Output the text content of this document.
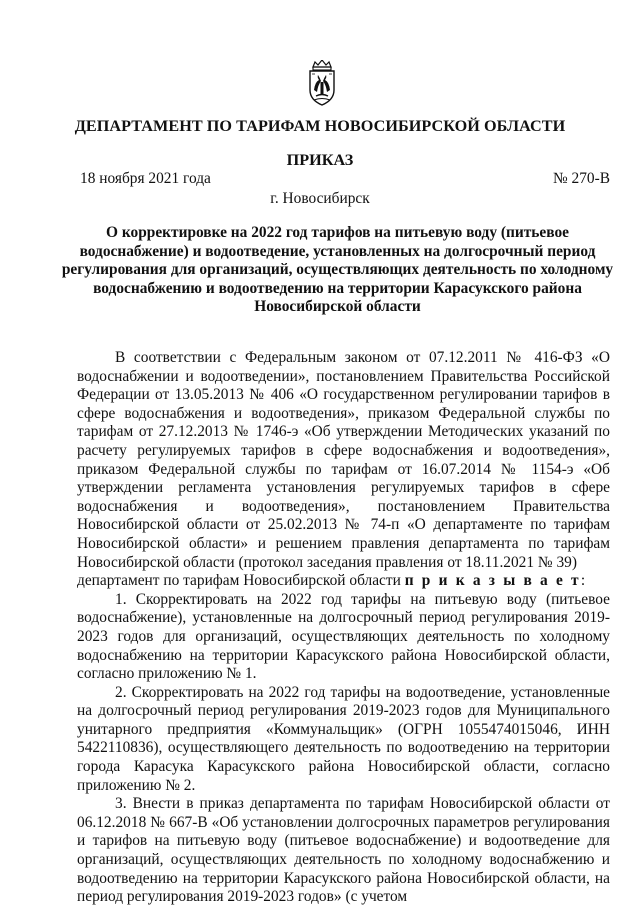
ДЕПАРТАМЕНТ ПО ТАРИФАМ НОВОСИБИРСКОЙ ОБЛАСТИ
ПРИКАЗ
18 ноября 2021 года	№ 270-В
г. Новосибирск
О корректировке на 2022 год тарифов на питьевую воду (питьевое водоснабжение) и водоотведение, установленных на долгосрочный период регулирования для организаций, осуществляющих деятельность по холодному водоснабжению и водоотведению на территории Карасукского района Новосибирской области

В соответствии с Федеральным законом от 07.12.2011 № 416-ФЗ «О водоснабжении и водоотведении», постановлением Правительства Российской Федерации от 13.05.2013 № 406 «О государственном регулировании тарифов в сфере водоснабжения и водоотведения», приказом Федеральной службы по тарифам от 27.12.2013 № 1746-э «Об утверждении Методических указаний по расчету регулируемых тарифов в сфере водоснабжения и водоотведения», приказом Федеральной службы по тарифам от 16.07.2014 № 1154-э «Об утверждении регламента установления регулируемых тарифов в сфере водоснабжения и водоотведения», постановлением Правительства Новосибирской области от 25.02.2013 № 74-п «О департаменте по тарифам Новосибирской области» и решением правления департамента по тарифам Новосибирской области (протокол заседания правления от 18.11.2021 № 39)

департамент по тарифам Новосибирской области п р и к а з ы в а е т:

1. Скорректировать на 2022 год тарифы на питьевую воду (питьевое водоснабжение), установленные на долгосрочный период регулирования 2019-2023 годов для организаций, осуществляющих деятельность по холодному водоснабжению на территории Карасукского района Новосибирской области, согласно приложению № 1.

2. Скорректировать на 2022 год тарифы на водоотведение, установленные на долгосрочный период регулирования 2019-2023 годов для Муниципального унитарного предприятия «Коммунальщик» (ОГРН 1055474015046, ИНН 5422110836), осуществляющего деятельность по водоотведению на территории города Карасука Карасукского района Новосибирской области, согласно приложению № 2.

3. Внести в приказ департамента по тарифам Новосибирской области от 06.12.2018 № 667-В «Об установлении долгосрочных параметров регулирования и тарифов на питьевую воду (питьевое водоснабжение) и водоотведение для организаций, осуществляющих деятельность по холодному водоснабжению и водоотведению на территории Карасукского района Новосибирской области, на период регулирования 2019-2023 годов» (с учетом
